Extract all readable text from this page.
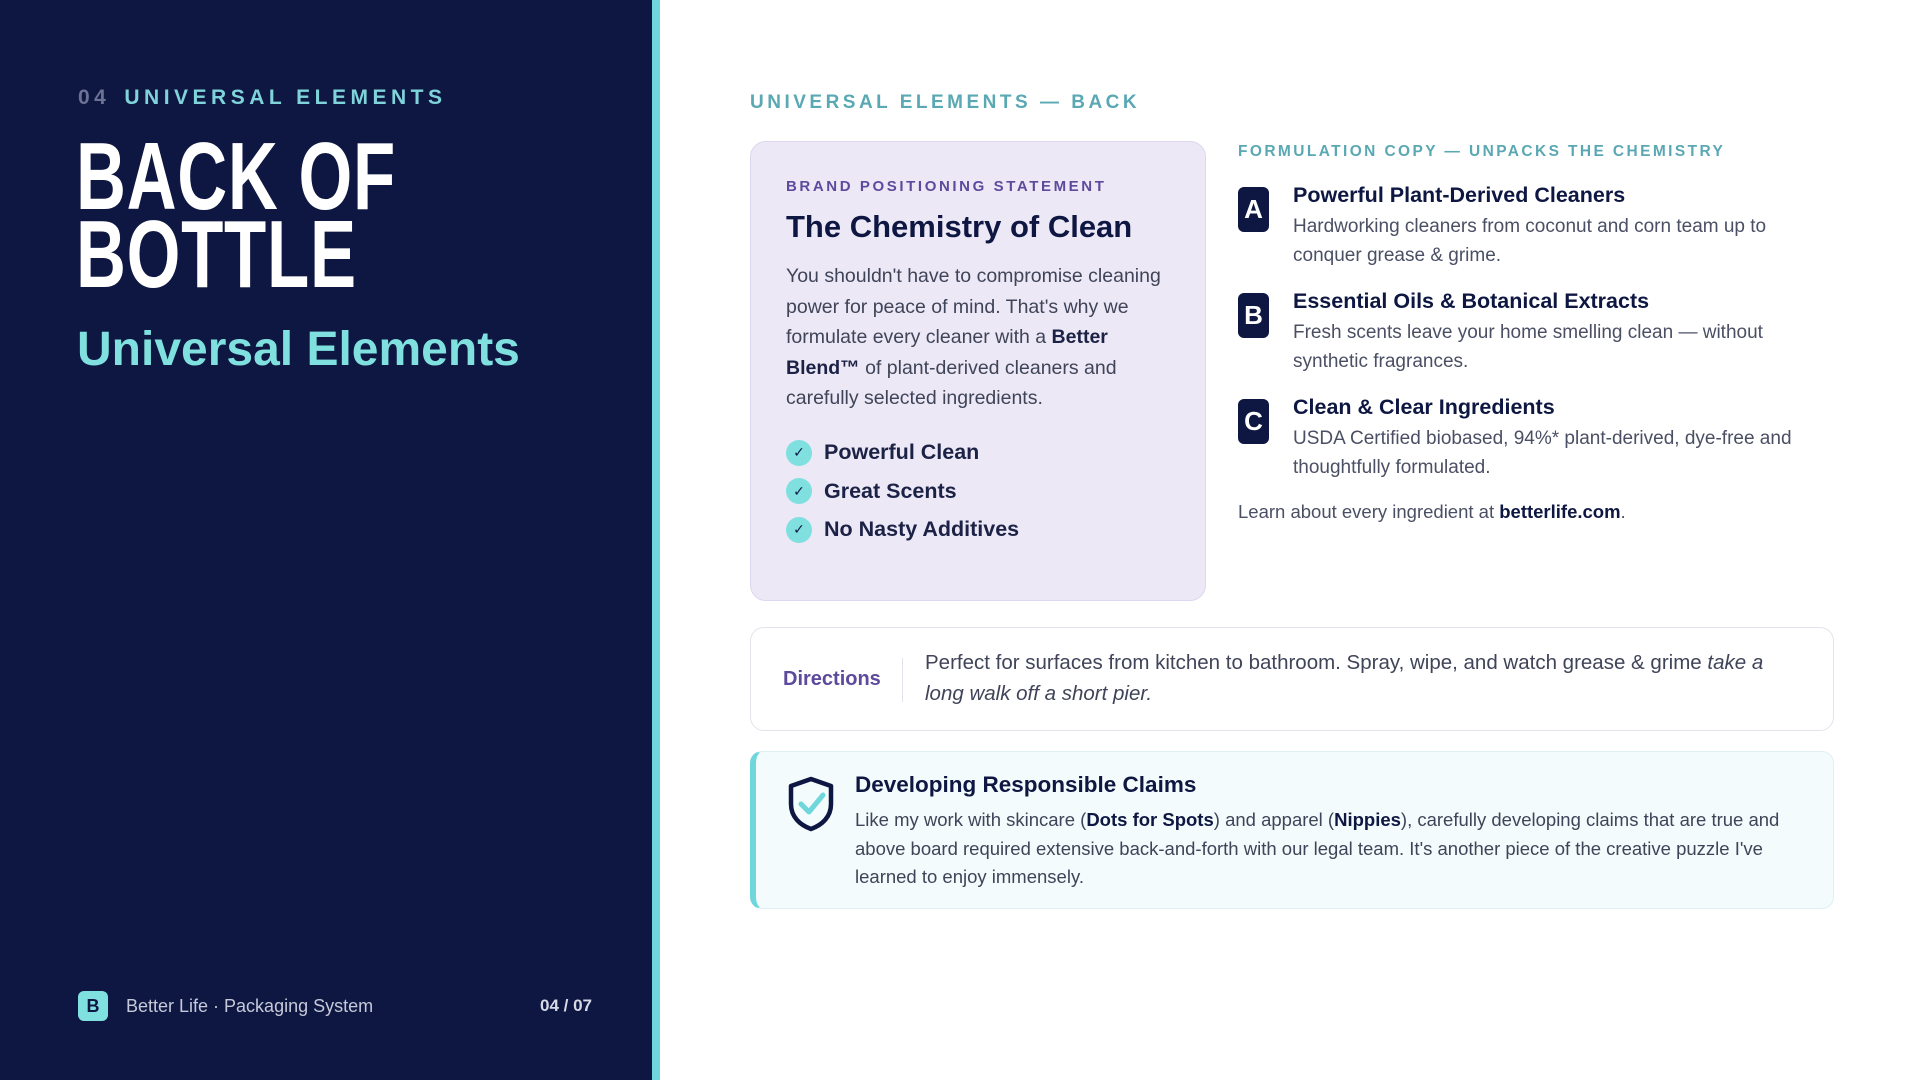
04 UNIVERSAL ELEMENTS
BACK OF
BOTTLE
Universal Elements
B	Better Life · Packaging System	04 / 07
UNIVERSAL ELEMENTS — BACK
BRAND POSITIONING STATEMENT
The Chemistry of Clean
You shouldn't have to compromise cleaning power for peace of mind. That's why we formulate every cleaner with a Better Blend™ of plant-derived cleaners and carefully selected ingredients.
✓ Powerful Clean
✓ Great Scents
✓ No Nasty Additives
FORMULATION COPY — UNPACKS THE CHEMISTRY
A Powerful Plant-Derived Cleaners
Hardworking cleaners from coconut and corn team up to conquer grease & grime.
B Essential Oils & Botanical Extracts
Fresh scents leave your home smelling clean — without synthetic fragrances.
C Clean & Clear Ingredients
USDA Certified biobased, 94%* plant-derived, dye-free and thoughtfully formulated.
Learn about every ingredient at betterlife.com.
Directions
Perfect for surfaces from kitchen to bathroom. Spray, wipe, and watch grease & grime take a long walk off a short pier.
Developing Responsible Claims
Like my work with skincare (Dots for Spots) and apparel (Nippies), carefully developing claims that are true and above board required extensive back-and-forth with our legal team. It's another piece of the creative puzzle I've learned to enjoy immensely.
